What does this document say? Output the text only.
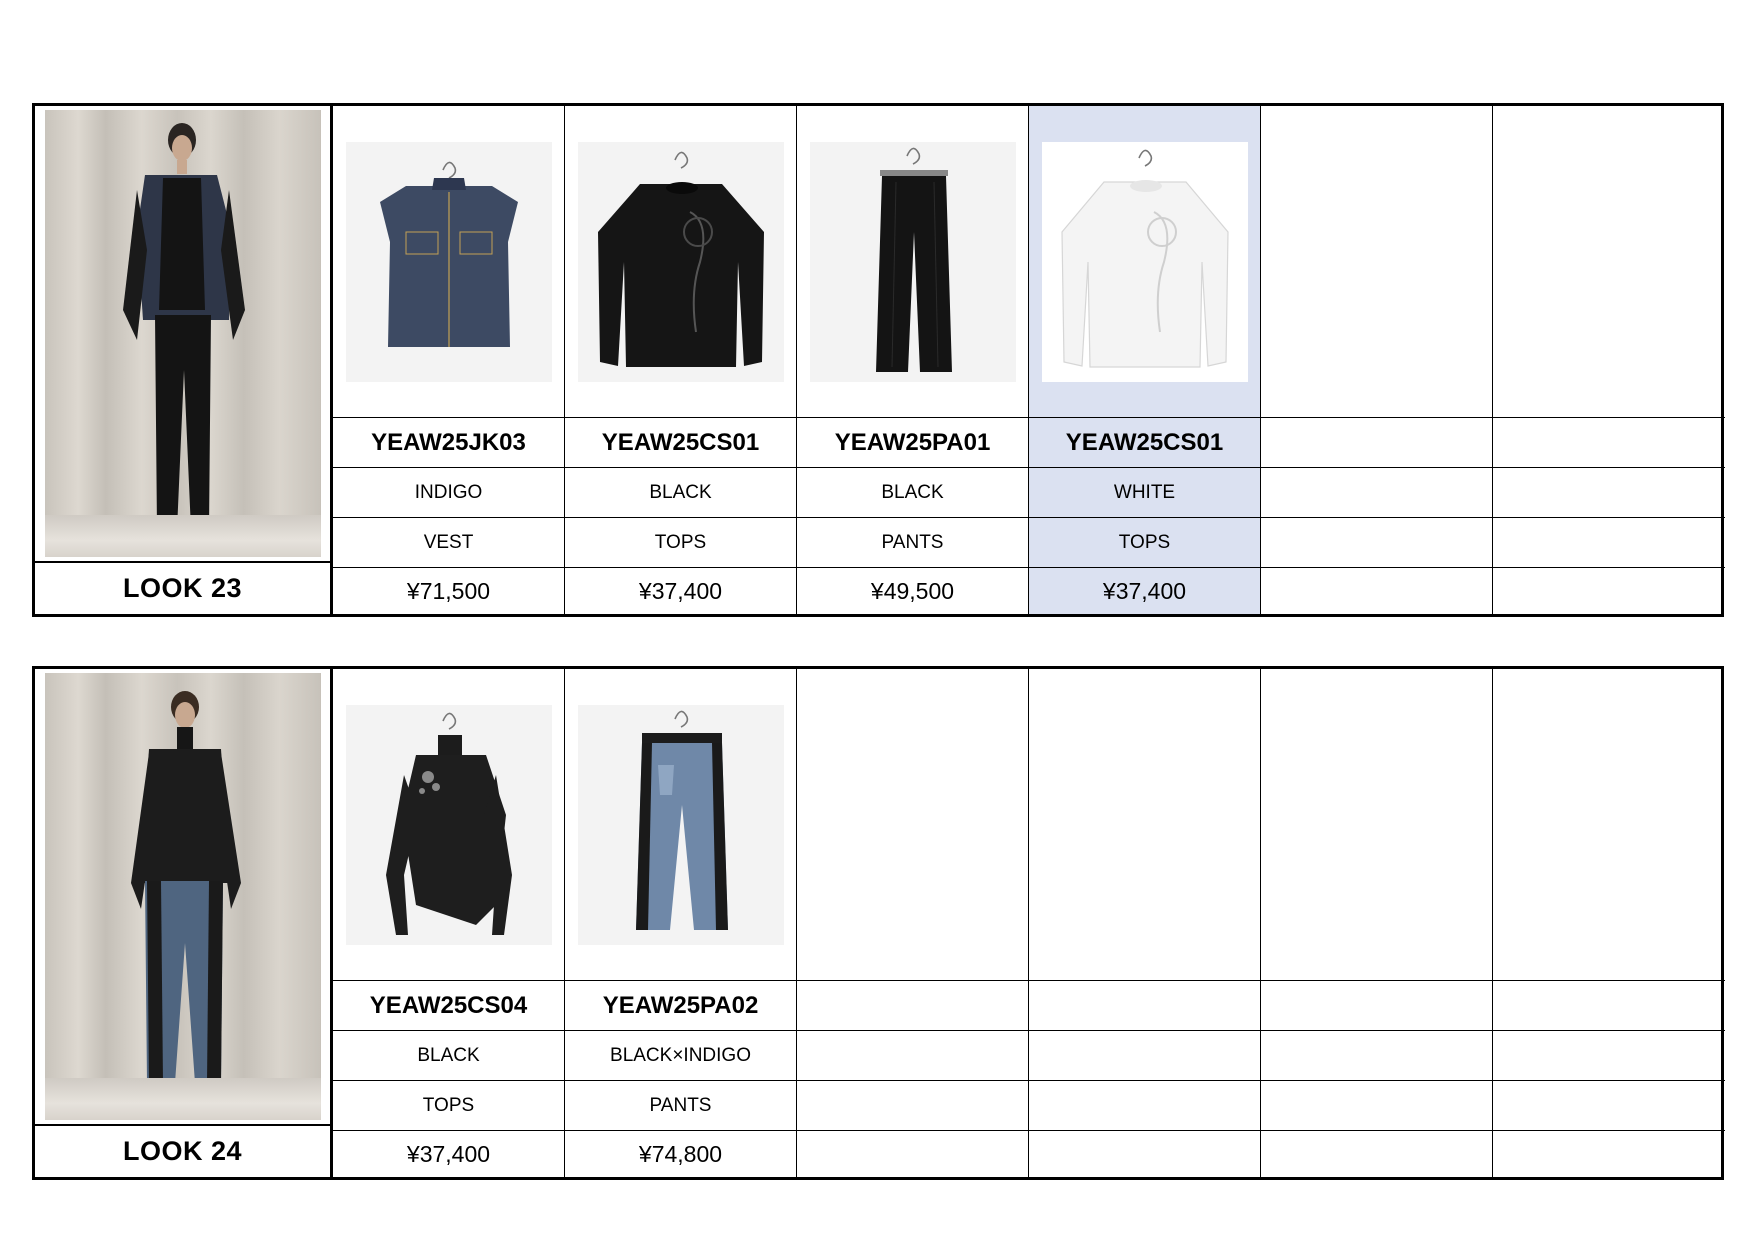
LOOK 23
YEAW25JK03
INDIGO
VEST
¥71,500
YEAW25CS01
BLACK
TOPS
¥37,400
YEAW25PA01
BLACK
PANTS
¥49,500
YEAW25CS01
WHITE
TOPS
¥37,400
LOOK 24
YEAW25CS04
BLACK
TOPS
¥37,400
YEAW25PA02
BLACK×INDIGO
PANTS
¥74,800
